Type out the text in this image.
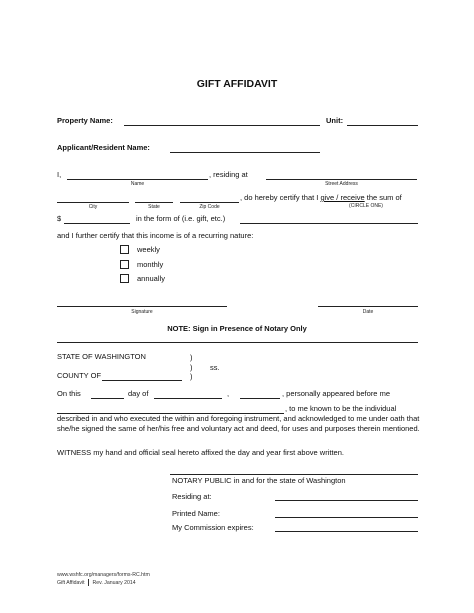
GIFT AFFIDAVIT
Property Name:	Unit:
Applicant/Resident Name:
I,	, residing at
Name	Street Address
, do hereby certify that I give / receive the sum of
City	State	Zip Code	(CIRCLE ONE)
$	in the form of (i.e. gift, etc.)
and I further certify that this income is of a recurring nature:
weekly
monthly
annually
Signature	Date
NOTE: Sign in Presence of Notary Only
STATE OF WASHINGTON	)
) ss.
COUNTY OF	)
On this	day of	,	, personally appeared before me
, to me known to be the individual
described in and who executed the within and foregoing instrument, and acknowledged to me under oath that she/he signed the same of her/his free and voluntary act and deed, for uses and purposes therein mentioned.
WITNESS my hand and official seal hereto affixed the day and year first above written.
NOTARY PUBLIC in and for the state of Washington
Residing at:
Printed Name:
My Commission expires:
www.wshfc.org/managers/forms-RC.htm
Gift Affidavit Rev. January 2014
